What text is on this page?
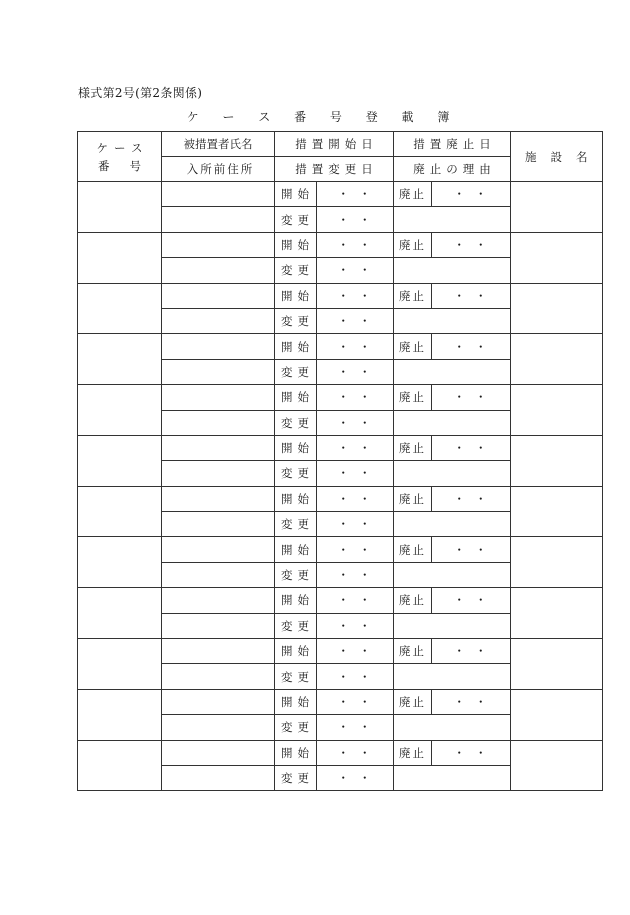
様式第2号(第2条関係)
ケ ー ス 番 号 登 載 簿
ケース
番号	被措置者氏名	措置開始日		措置廃止日		施設名
	入所前住所	措置変更日		廃止の理由		
		開始	・・	廃止	・・	
		変更	・・			
		開始	・・	廃止	・・	
		変更	・・			
		開始	・・	廃止	・・	
		変更	・・			
		開始	・・	廃止	・・	
		変更	・・			
		開始	・・	廃止	・・	
		変更	・・			
		開始	・・	廃止	・・	
		変更	・・			
		開始	・・	廃止	・・	
		変更	・・			
		開始	・・	廃止	・・	
		変更	・・			
		開始	・・	廃止	・・	
		変更	・・			
		開始	・・	廃止	・・	
		変更	・・			
		開始	・・	廃止	・・	
		変更	・・			
		開始	・・	廃止	・・	
		変更	・・			
